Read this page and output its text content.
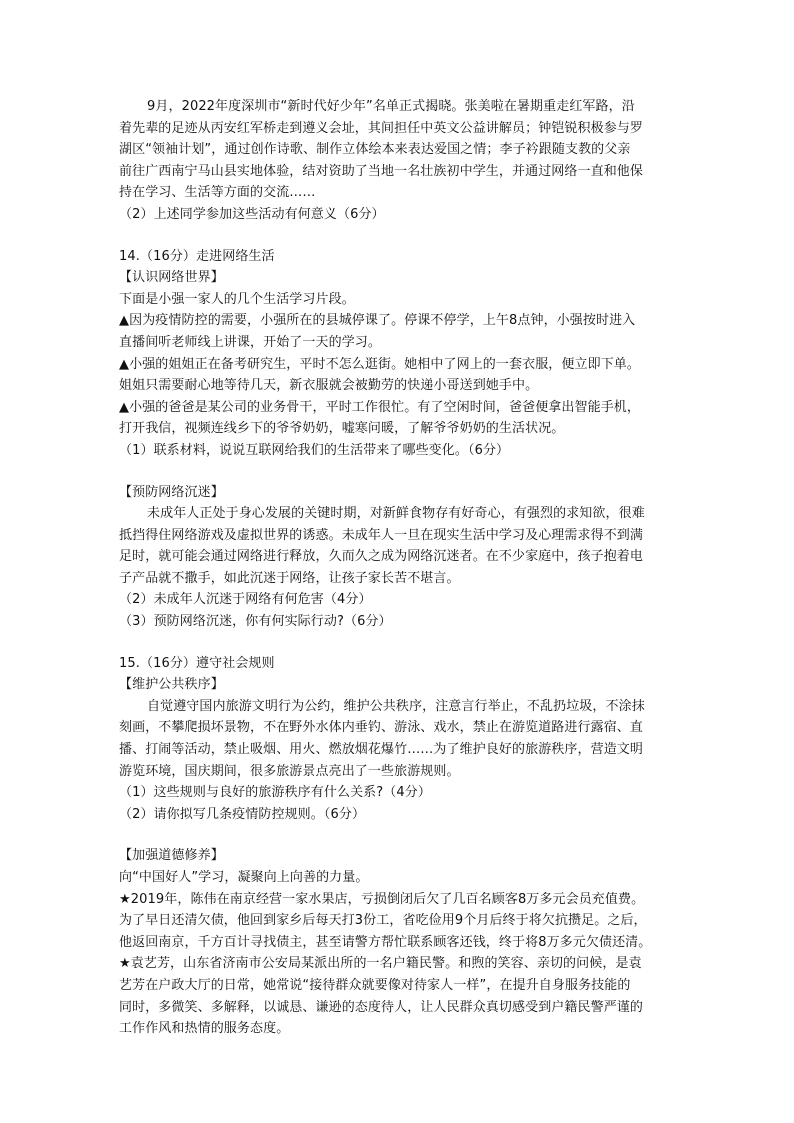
9月，2022年度深圳市“新时代好少年”名单正式揭晓。张美啦在暑期重走红军路，沿
着先辈的足迹从丙安红军桥走到遵义会址，其间担任中英文公益讲解员；钟铠锐积极参与罗
湖区“领袖计划”，通过创作诗歌、制作立体绘本来表达爱国之情；李子衿跟随支教的父亲
前往广西南宁马山县实地体验，结对资助了当地一名壮族初中学生，并通过网络一直和他保
持在学习、生活等方面的交流……
（2）上述同学参加这些活动有何意义（6分）
14.（16分）走进网络生活
【认识网络世界】
下面是小强一家人的几个生活学习片段。
▲因为疫情防控的需要，小强所在的县城停课了。停课不停学，上午8点钟，小强按时进入
直播间听老师线上讲课，开始了一天的学习。
▲小强的姐姐正在备考研究生，平时不怎么逛街。她相中了网上的一套衣服，便立即下单。
姐姐只需要耐心地等待几天，新衣服就会被勤劳的快递小哥送到她手中。
▲小强的爸爸是某公司的业务骨干，平时工作很忙。有了空闲时间，爸爸便拿出智能手机，
打开我信，视频连线乡下的爷爷奶奶，嘘寒问暖，了解爷爷奶奶的生活状况。
（1）联系材料，说说互联网给我们的生活带来了哪些变化。（6分）
【预防网络沉迷】
未成年人正处于身心发展的关键时期，对新鲜食物存有好奇心，有强烈的求知欲，很难
抵挡得住网络游戏及虚拟世界的诱惑。未成年人一旦在现实生活中学习及心理需求得不到满
足时，就可能会通过网络进行释放，久而久之成为网络沉迷者。在不少家庭中，孩子抱着电
子产品就不撒手，如此沉迷于网络，让孩子家长苦不堪言。
（2）未成年人沉迷于网络有何危害（4分）
（3）预防网络沉迷，你有何实际行动?（6分）
15.（16分）遵守社会规则
【维护公共秩序】
自觉遵守国内旅游文明行为公约，维护公共秩序，注意言行举止，不乱扔垃圾，不涂抹
刻画，不攀爬损坏景物，不在野外水体内垂钓、游泳、戏水，禁止在游览道路进行露宿、直
播、打闹等活动，禁止吸烟、用火、燃放烟花爆竹……为了维护良好的旅游秩序，营造文明
游览环境，国庆期间，很多旅游景点亮出了一些旅游规则。
（1）这些规则与良好的旅游秩序有什么关系?（4分）
（2）请你拟写几条疫情防控规则。（6分）
【加强道德修养】
向“中国好人”学习，凝聚向上向善的力量。
★2019年，陈伟在南京经营一家水果店，亏损倒闭后欠了几百名顾客8万多元会员充值费。
为了早日还清欠债，他回到家乡后每天打3份工，省吃俭用9个月后终于将欠抗攒足。之后，
他返回南京，千方百计寻找债主，甚至请警方帮忙联系顾客还钱，终于将8万多元欠债还清。
★袁艺芳，山东省济南市公安局某派出所的一名户籍民警。和煦的笑容、亲切的问候，是袁
艺芳在户政大厅的日常，她常说“接待群众就要像对待家人一样”，在提升自身服务技能的
同时，多微笑、多解释，以诚恳、谦逊的态度待人，让人民群众真切感受到户籍民警严谨的
工作作风和热情的服务态度。
